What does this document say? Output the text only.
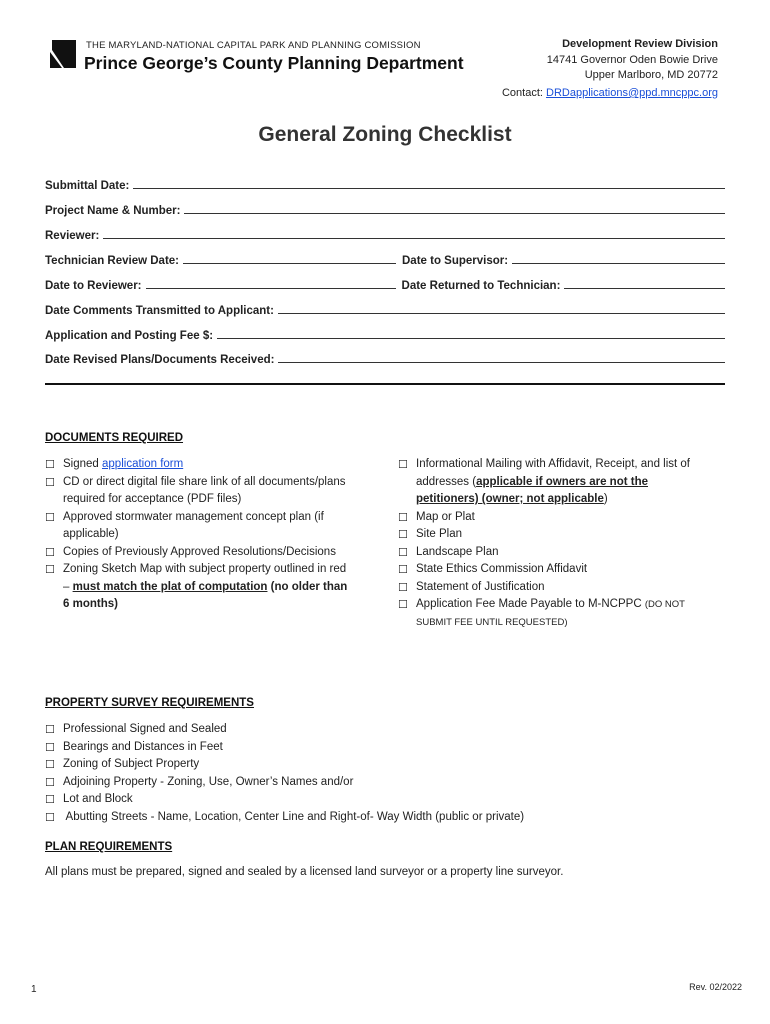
THE MARYLAND-NATIONAL CAPITAL PARK AND PLANNING COMISSION
Prince George’s County Planning Department
Development Review Division
14741 Governor Oden Bowie Drive
Upper Marlboro, MD 20772
Contact: DRDapplications@ppd.mncppc.org
General Zoning Checklist
Submittal Date:
Project Name & Number:
Reviewer:
Technician Review Date:	Date to Supervisor:
Date to Reviewer:	Date Returned to Technician:
Date Comments Transmitted to Applicant:
Application and Posting Fee $:
Date Revised Plans/Documents Received:
DOCUMENTS REQUIRED
☐ Signed application form
☐ CD or direct digital file share link of all documents/plans
required for acceptance (PDF files)
☐ Approved stormwater management concept plan (if
applicable)
☐ Copies of Previously Approved Resolutions/Decisions
☐ Zoning Sketch Map with subject property outlined in red
– must match the plat of computation (no older than
6 months)
☐ Informational Mailing with Affidavit, Receipt, and list of
addresses (applicable if owners are not the
petitioners) (owner; not applicable)
☐ Map or Plat
☐ Site Plan
☐ Landscape Plan
☐ State Ethics Commission Affidavit
☐ Statement of Justification
☐ Application Fee Made Payable to M-NCPPC (DO NOT
SUBMIT FEE UNTIL REQUESTED)
PROPERTY SURVEY REQUIREMENTS
☐ Professional Signed and Sealed
☐ Bearings and Distances in Feet
☐ Zoning of Subject Property
☐ Adjoining Property - Zoning, Use, Owner’s Names and/or
☐ Lot and Block
☐ Abutting Streets - Name, Location, Center Line and Right-of- Way Width (public or private)
PLAN REQUIREMENTS
All plans must be prepared, signed and sealed by a licensed land surveyor or a property line surveyor.
1	Rev. 02/2022
